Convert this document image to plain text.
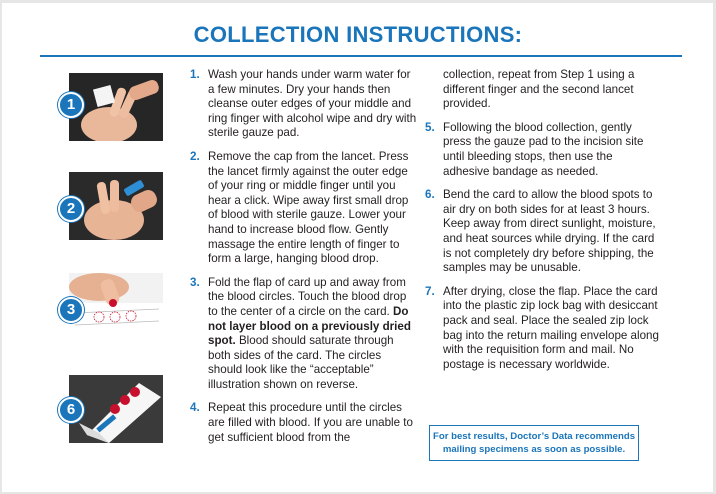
COLLECTION INSTRUCTIONS:
1
2
3
6
1. Wash your hands under warm water for a few minutes. Dry your hands then cleanse outer edges of your middle and ring finger with alcohol wipe and dry with sterile gauze pad.
2. Remove the cap from the lancet. Press the lancet firmly against the outer edge of your ring or middle finger until you hear a click. Wipe away first small drop of blood with sterile gauze. Lower your hand to increase blood flow. Gently massage the entire length of finger to form a large, hanging blood drop.
3. Fold the flap of card up and away from the blood circles. Touch the blood drop to the center of a circle on the card. Do not layer blood on a previously dried spot. Blood should saturate through both sides of the card. The circles should look like the “acceptable” illustration shown on reverse.
4. Repeat this procedure until the circles are filled with blood. If you are unable to get sufficient blood from the
collection, repeat from Step 1 using a different finger and the second lancet provided.
5. Following the blood collection, gently press the gauze pad to the incision site until bleeding stops, then use the adhesive bandage as needed.
6. Bend the card to allow the blood spots to air dry on both sides for at least 3 hours. Keep away from direct sunlight, moisture, and heat sources while drying. If the card is not completely dry before shipping, the samples may be unusable.
7. After drying, close the flap. Place the card into the plastic zip lock bag with desiccant pack and seal. Place the sealed zip lock bag into the return mailing envelope along with the requisition form and mail. No postage is necessary worldwide.
For best results, Doctor’s Data recommends
mailing specimens as soon as possible.
